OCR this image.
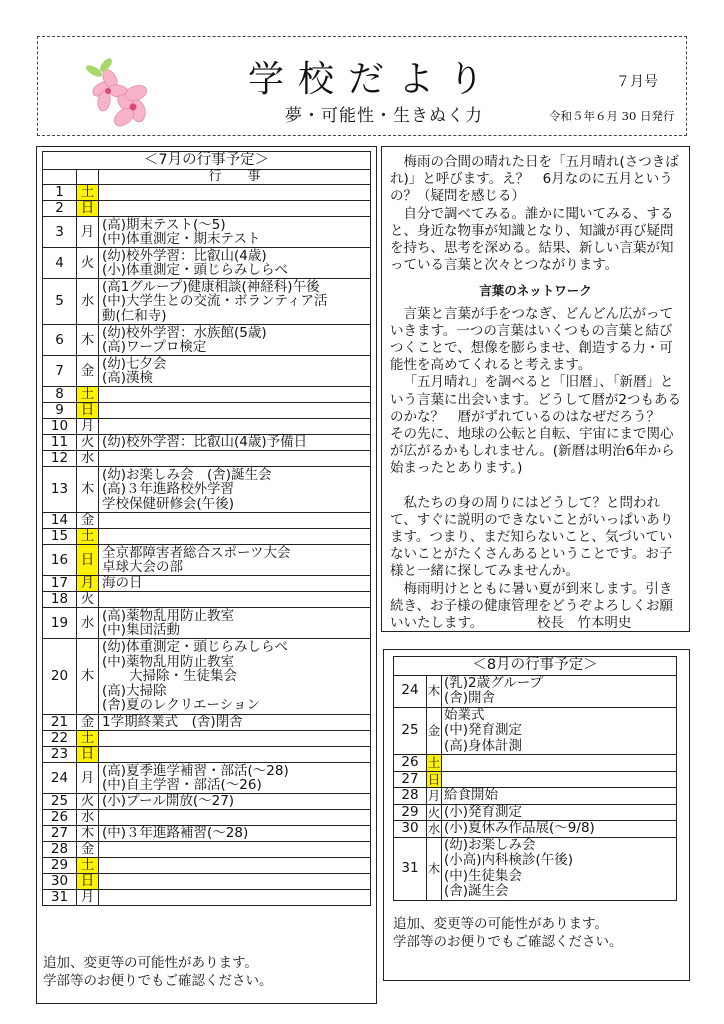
学校だより
夢・可能性・生きぬく力
７月号
令和５年６月 30 日発行
＜7月の行事予定＞		
		行　　事
1	土	
2	日	
3	月	(高)期末テスト(～5)
(中)体重測定・期末テスト

4	火	(幼)校外学習：比叡山(4歳)
(小)体重測定・頭じらみしらべ

5	水	(高1グループ)健康相談(神経科)午後
(中)大学生との交流・ボランティア活
動(仁和寺)

6	木	(幼)校外学習：水族館(5歳)
(高)ワープロ検定

7	金	(幼)七夕会
(高)漢検

8	土	
9	日	
10	月	
11	火	(幼)校外学習：比叡山(4歳)予備日

12	水	
13	木	(幼)お楽しみ会　(舎)誕生会
(高)３年進路校外学習
学校保健研修会(午後)

14	金	
15	土	
16	日	全京都障害者総合スポーツ大会
卓球大会の部

17	月	海の日

18	火	
19	水	(高)薬物乱用防止教室
(中)集団活動

20	木	(幼)体重測定・頭じらみしらべ
(中)薬物乱用防止教室
　　大掃除・生徒集会
(高)大掃除
(舎)夏のレクリエーション

21	金	1学期終業式　(舎)閉舎

22	土	
23	日	
24	月	(高)夏季進学補習・部活(～28)
(中)自主学習・部活(～26)

25	火	(小)プール開放(～27)

26	水	
27	木	(中)３年進路補習(～28)

28	金	
29	土	
30	日	
31	月	
追加、変更等の可能性があります。
学部等のお便りでもご確認ください。

梅雨の合間の晴れた日を「五月晴れ(さつきばれ)」と呼びます。え？　6月なのに五月という の？（疑問を感じる）

自分で調べてみる。誰かに聞いてみる、すると、身近な物事が知識となり、知識が再び疑問を持ち、思考を深める。結果、新しい言葉が知っている言葉と次々とつながります。

言葉のネットワーク

言葉と言葉が手をつなぎ、どんどん広がっていきます。一つの言葉はいくつもの言葉と結びつくことで、想像を膨らませ、創造する力・可能性を高めてくれると考えます。

「五月晴れ」を調べると「旧暦」、「新暦」という言葉に出会います。どうして暦が2つもあるのかな？　暦がずれているのはなぜだろう？　その先に、地球の公転と自転、宇宙にまで関心が広がるかもしれません。(新暦は明治6年から始まったとあります。)

私たちの身の周りにはどうして？と問われて、すぐに説明のできないことがいっぱいあります。つまり、まだ知らないこと、気づいていないことがたくさんあるということです。お子様と一緒に探してみませんか。

梅雨明けとともに暑い夏が到来します。引き続き、お子様の健康管理をどうぞよろしくお願いいたします。	校長　竹本明史

＜8月の行事予定＞		
24	木	(乳)2歳グループ
(舎)開舎

25	金	始業式
(中)発育測定
(高)身体計測

26	土	
27	日	
28	月	給食開始

29	火	(小)発育測定

30	水	(小)夏休み作品展(～9/8)

31	木	(幼)お楽しみ会
(小高)内科検診(午後)
(中)生徒集会
(舎)誕生会
追加、変更等の可能性があります。
学部等のお便りでもご確認ください。
